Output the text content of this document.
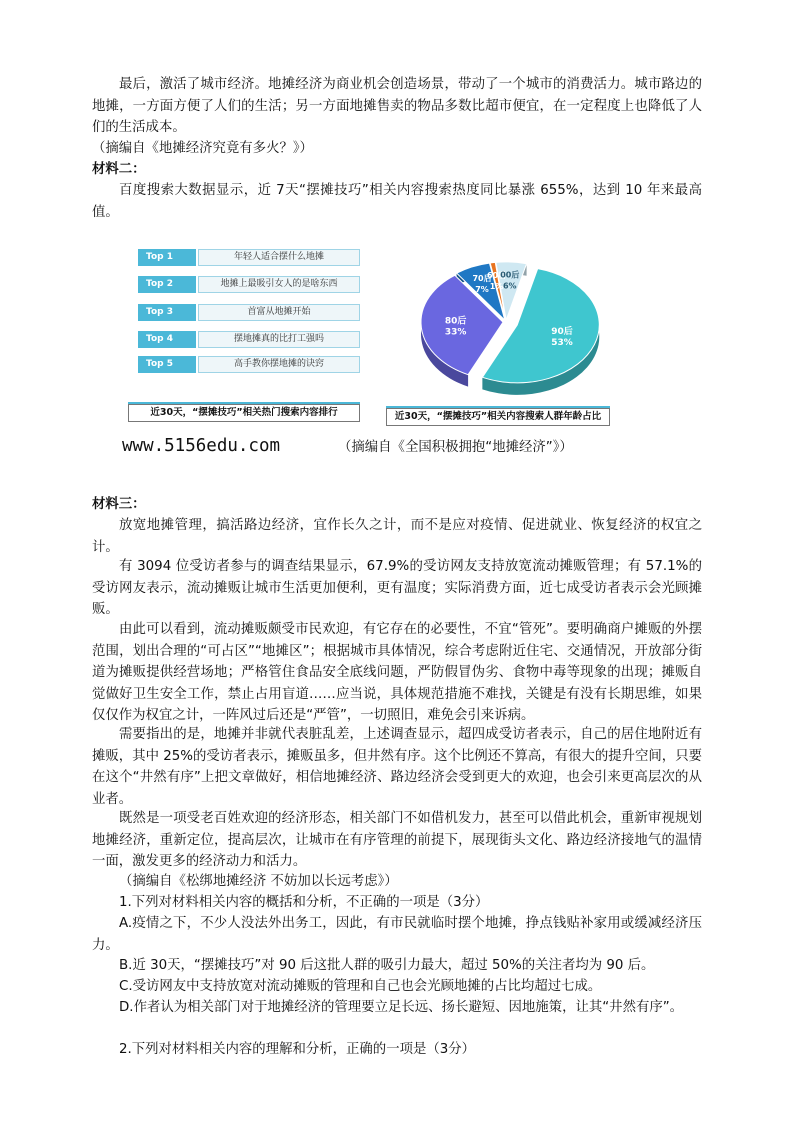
最后，激活了城市经济。地摊经济为商业机会创造场景，带动了一个城市的消费活力。城市路边的地摊，一方面方便了人们的生活；另一方面地摊售卖的物品多数比超市便宜，在一定程度上也降低了人们的生活成本。

（摘编自《地摊经济究竟有多火？》）

材料二：

百度搜索大数据显示，近 7天“摆摊技巧”相关内容搜索热度同比暴涨 655%，达到 10 年来最高值。

Top 1	年轻人适合摆什么地摊
Top 2	地摊上最吸引女人的是啥东西
Top 3	首富从地摊开始
Top 4	摆地摊真的比打工强吗
Top 5	高手教你摆地摊的诀窍
近30天，“摆摊技巧”相关热门搜索内容排行
90后
53%
80后
33%
70后
7%
60后
1%
00后
6%
近30天，“摆摊技巧”相关内容搜索人群年龄占比
www.5156edu.com	（摘编自《全国积极拥抱“地摊经济”》）

材料三：

放宽地摊管理，搞活路边经济，宜作长久之计，而不是应对疫情、促进就业、恢复经济的权宜之计。

有 3094 位受访者参与的调查结果显示，67.9%的受访网友支持放宽流动摊贩管理；有 57.1%的受访网友表示，流动摊贩让城市生活更加便利，更有温度；实际消费方面，近七成受访者表示会光顾摊贩。

由此可以看到，流动摊贩颇受市民欢迎，有它存在的必要性，不宜“管死”。要明确商户摊贩的外摆范围，划出合理的“可占区”“地摊区”；根据城市具体情况，综合考虑附近住宅、交通情况，开放部分街道为摊贩提供经营场地；严格管住食品安全底线问题，严防假冒伪劣、食物中毒等现象的出现；摊贩自觉做好卫生安全工作，禁止占用盲道……应当说，具体规范措施不难找，关键是有没有长期思维，如果仅仅作为权宜之计，一阵风过后还是“严管”，一切照旧，难免会引来诉病。

需要指出的是，地摊并非就代表脏乱差，上述调查显示，超四成受访者表示，自己的居住地附近有摊贩，其中 25%的受访者表示，摊贩虽多，但井然有序。这个比例还不算高，有很大的提升空间，只要在这个“井然有序”上把文章做好，相信地摊经济、路边经济会受到更大的欢迎，也会引来更高层次的从业者。

既然是一项受老百姓欢迎的经济形态，相关部门不如借机发力，甚至可以借此机会，重新审视规划地摊经济，重新定位，提高层次，让城市在有序管理的前提下，展现街头文化、路边经济接地气的温情一面，激发更多的经济动力和活力。

（摘编自《松绑地摊经济 不妨加以长远考虑》）

1.下列对材料相关内容的概括和分析，不正确的一项是（3分）

A.疫情之下，不少人没法外出务工，因此，有市民就临时摆个地摊，挣点钱贴补家用或缓减经济压力。

B.近 30天，“摆摊技巧”对 90 后这批人群的吸引力最大，超过 50%的关注者均为 90 后。

C.受访网友中支持放宽对流动摊贩的管理和自己也会光顾地摊的占比均超过七成。

D.作者认为相关部门对于地摊经济的管理要立足长远、扬长避短、因地施策，让其“井然有序”。

2.下列对材料相关内容的理解和分析，正确的一项是（3分）
